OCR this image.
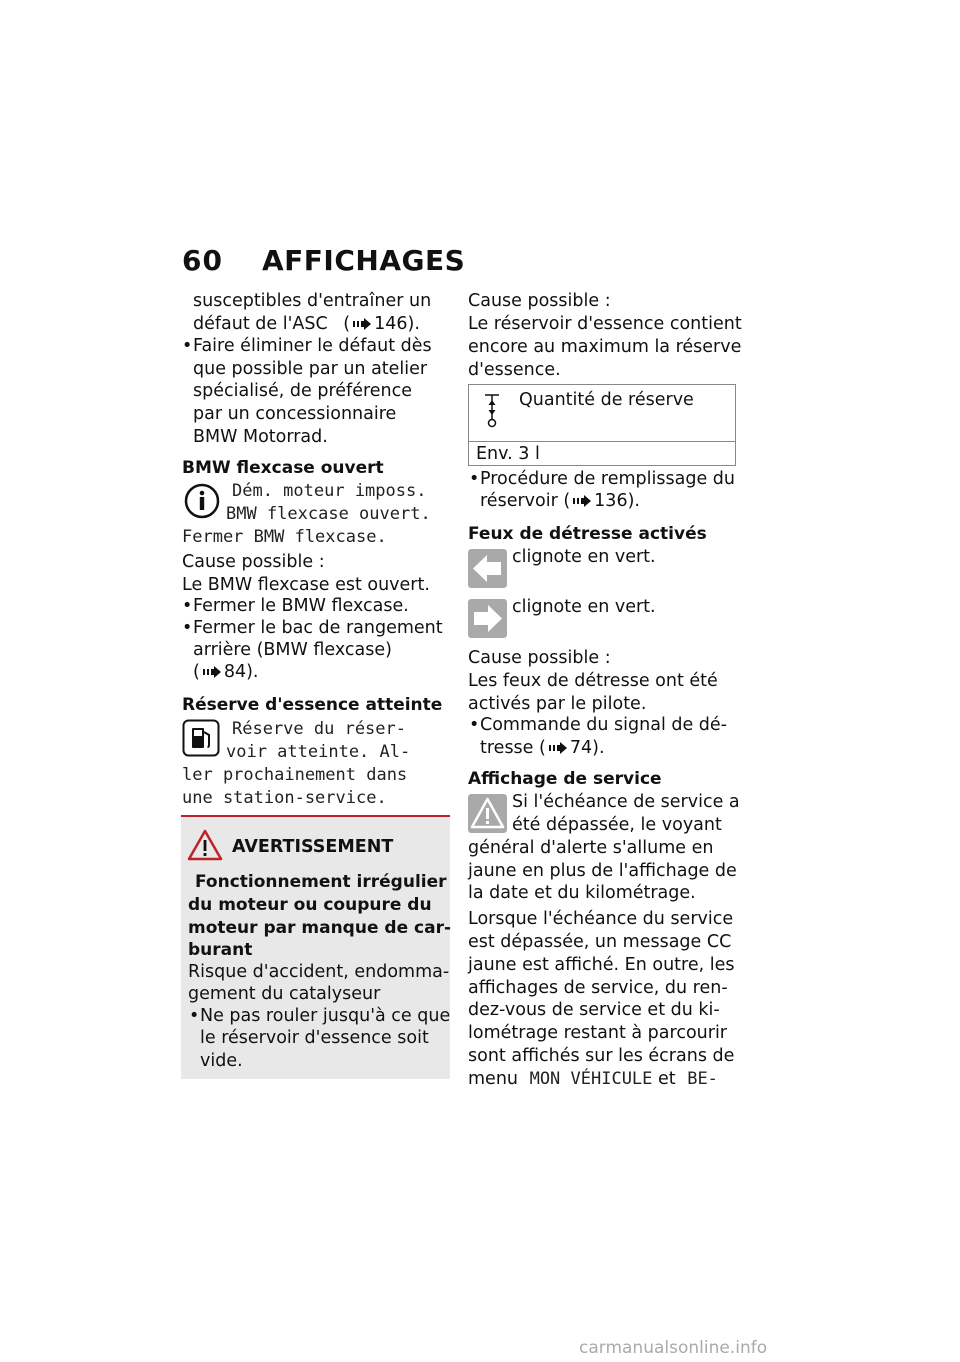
60 AFFICHAGES
susceptibles d'entraîner un
défaut de l'ASC ( 146).
• Faire éliminer le défaut dès
que possible par un atelier
spécialisé, de préférence
par un concessionnaire
BMW Motorrad.
BMW flexcase ouvert
Dém. moteur imposs.
BMW flexcase ouvert.
Fermer BMW flexcase.
Cause possible :
Le BMW flexcase est ouvert.
• Fermer le BMW flexcase.
• Fermer le bac de rangement
arrière (BMW flexcase)
( 84).
Réserve d'essence atteinte
Réserve du réser-
voir atteinte. Al-
ler prochainement dans
une station-service.
AVERTISSEMENT
Fonctionnement irrégulier
du moteur ou coupure du
moteur par manque de car-
burant
Risque d'accident, endomma-
gement du catalyseur
• Ne pas rouler jusqu'à ce que
le réservoir d'essence soit
vide.
Cause possible :
Le réservoir d'essence contient
encore au maximum la réserve
d'essence.
Quantité de réserve
Env. 3 l
• Procédure de remplissage du
réservoir ( 136).
Feux de détresse activés
clignote en vert.
clignote en vert.
Cause possible :
Les feux de détresse ont été
activés par le pilote.
• Commande du signal de dé-
tresse ( 74).
Affichage de service
Si l'échéance de service a
été dépassée, le voyant
général d'alerte s'allume en
jaune en plus de l'affichage de
la date et du kilométrage.
Lorsque l'échéance du service
est dépassée, un message CC
jaune est affiché. En outre, les
affichages de service, du ren-
dez-vous de service et du ki-
lométrage restant à parcourir
sont affichés sur les écrans de
menu MON VÉHICULE et BE-
carmanualsonline.info
